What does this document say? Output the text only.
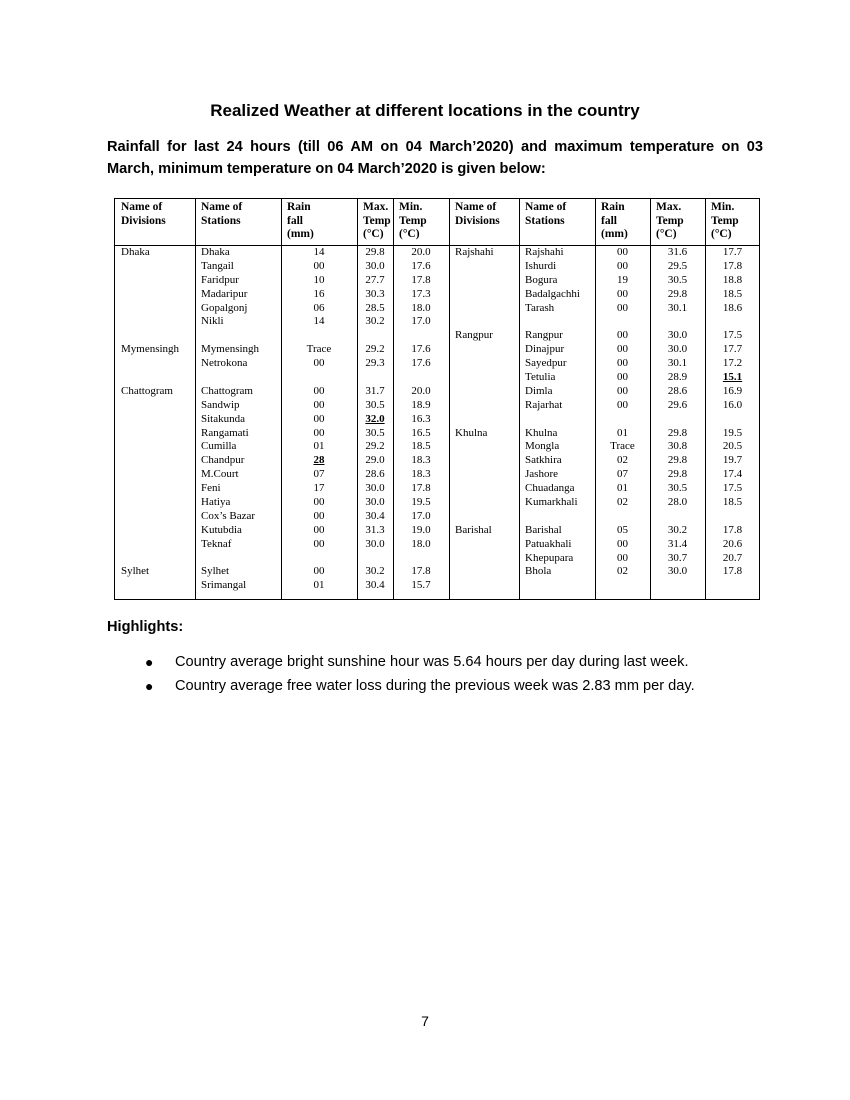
Realized Weather at different locations in the country
Rainfall for last 24 hours (till 06 AM on 04 March’2020) and maximum temperature on 03 March, minimum temperature on 04 March’2020 is given below:
Name of
Divisions
Name of
Stations
Rain
fall
(mm)
Max.
Temp
(°C)
Min.
Temp
(°C)
Name of
Divisions
Name of
Stations
Rain
fall
(mm)
Max.
Temp
(°C)
Min.
Temp
(°C)
Dhaka
Mymensingh
Chattogram
Sylhet
Dhaka
Tangail
Faridpur
Madaripur
Gopalgonj
Nikli
Mymensingh
Netrokona
Chattogram
Sandwip
Sitakunda
Rangamati
Cumilla
Chandpur
M.Court
Feni
Hatiya
Cox’s Bazar
Kutubdia
Teknaf
Sylhet
Srimangal
14
00
10
16
06
14
Trace
00
00
00
00
00
01
28
07
17
00
00
00
00
00
01
29.8
30.0
27.7
30.3
28.5
30.2
29.2
29.3
31.7
30.5
32.0
30.5
29.2
29.0
28.6
30.0
30.0
30.4
31.3
30.0
30.2
30.4
20.0
17.6
17.8
17.3
18.0
17.0
17.6
17.6
20.0
18.9
16.3
16.5
18.5
18.3
18.3
17.8
19.5
17.0
19.0
18.0
17.8
15.7
Rajshahi
Rangpur
Khulna
Barishal
Rajshahi
Ishurdi
Bogura
Badalgachhi
Tarash
Rangpur
Dinajpur
Sayedpur
Tetulia
Dimla
Rajarhat
Khulna
Mongla
Satkhira
Jashore
Chuadanga
Kumarkhali
Barishal
Patuakhali
Khepupara
Bhola
00
00
19
00
00
00
00
00
00
00
00
01
Trace
02
07
01
02
05
00
00
02
31.6
29.5
30.5
29.8
30.1
30.0
30.0
30.1
28.9
28.6
29.6
29.8
30.8
29.8
29.8
30.5
28.0
30.2
31.4
30.7
30.0
17.7
17.8
18.8
18.5
18.6
17.5
17.7
17.2
15.1
16.9
16.0
19.5
20.5
19.7
17.4
17.5
18.5
17.8
20.6
20.7
17.8
Highlights:
● Country average bright sunshine hour was 5.64 hours per day during last week.
● Country average free water loss during the previous week was 2.83 mm per day.
7
